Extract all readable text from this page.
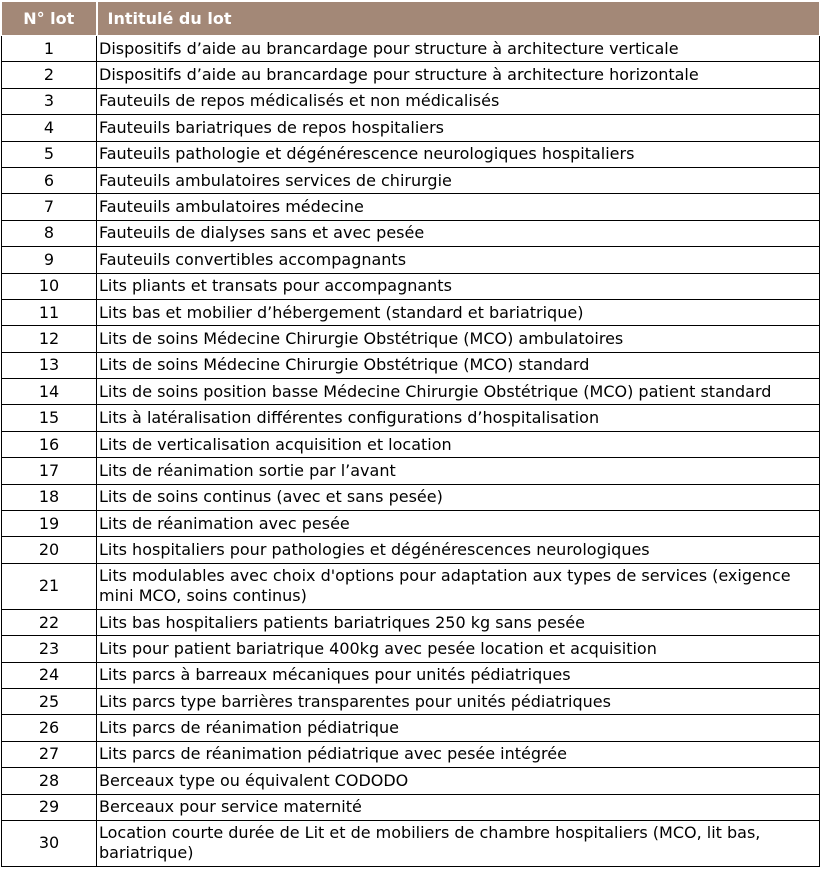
N° lot	Intitulé du lot
1	Dispositifs d’aide au brancardage pour structure à architecture verticale
2	Dispositifs d’aide au brancardage pour structure à architecture horizontale
3	Fauteuils de repos médicalisés et non médicalisés
4	Fauteuils bariatriques de repos hospitaliers
5	Fauteuils pathologie et dégénérescence neurologiques hospitaliers
6	Fauteuils ambulatoires services de chirurgie
7	Fauteuils ambulatoires médecine
8	Fauteuils de dialyses sans et avec pesée
9	Fauteuils convertibles accompagnants
10	Lits pliants et transats pour accompagnants
11	Lits bas et mobilier d’hébergement (standard et bariatrique)
12	Lits de soins Médecine Chirurgie Obstétrique (MCO) ambulatoires
13	Lits de soins Médecine Chirurgie Obstétrique (MCO) standard
14	Lits de soins position basse Médecine Chirurgie Obstétrique (MCO) patient standard
15	Lits à latéralisation différentes configurations d’hospitalisation
16	Lits de verticalisation acquisition et location
17	Lits de réanimation sortie par l’avant
18	Lits de soins continus (avec et sans pesée)
19	Lits de réanimation avec pesée
20	Lits hospitaliers pour pathologies et dégénérescences neurologiques
21	Lits modulables avec choix d'options pour adaptation aux types de services (exigence mini MCO, soins continus)
22	Lits bas hospitaliers patients bariatriques 250 kg sans pesée
23	Lits pour patient bariatrique 400kg avec pesée location et acquisition
24	Lits parcs à barreaux mécaniques pour unités pédiatriques
25	Lits parcs type barrières transparentes pour unités pédiatriques
26	Lits parcs de réanimation pédiatrique
27	Lits parcs de réanimation pédiatrique avec pesée intégrée
28	Berceaux type ou équivalent CODODO
29	Berceaux pour service maternité
30	Location courte durée de Lit et de mobiliers de chambre hospitaliers (MCO, lit bas, bariatrique)
